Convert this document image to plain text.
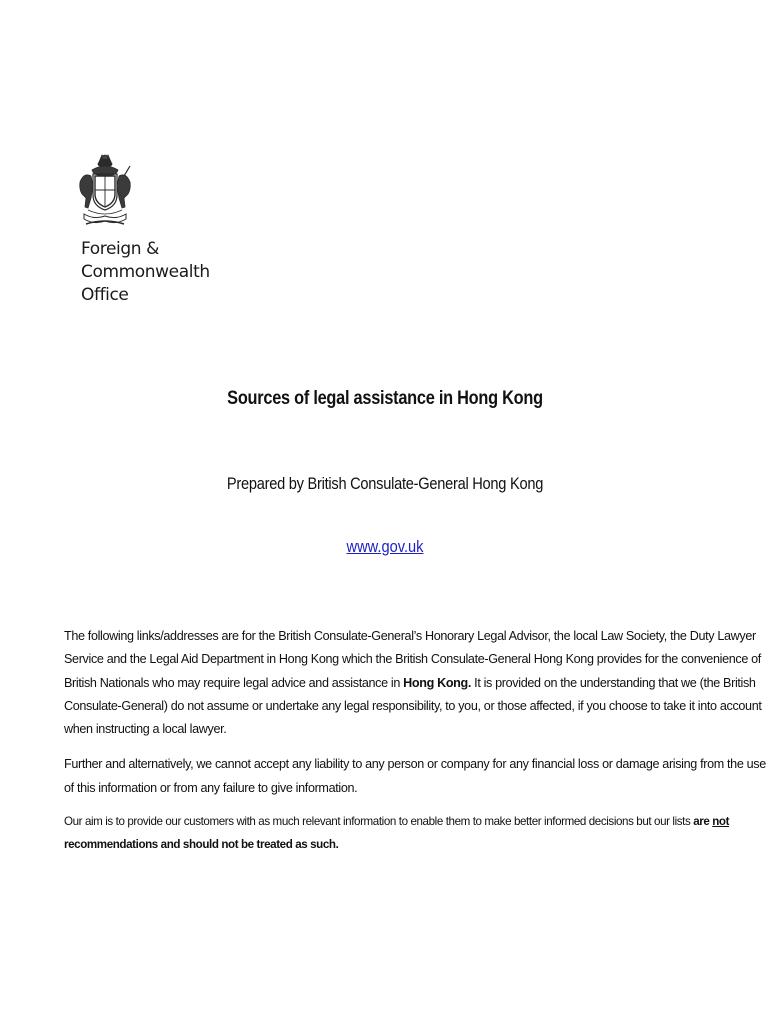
Foreign &
Commonwealth
Office
Sources of legal assistance in Hong Kong
Prepared by British Consulate-General Hong Kong
www.gov.uk

The following links/addresses are for the British Consulate-General’s Honorary Legal Advisor, the local Law Society, the Duty Lawyer Service and the Legal Aid Department in Hong Kong which the British Consulate-General Hong Kong provides for the convenience of British Nationals who may require legal advice and assistance in Hong Kong. It is provided on the understanding that we (the British Consulate-General) do not assume or undertake any legal responsibility, to you, or those affected, if you choose to take it into account when instructing a local lawyer.

Further and alternatively, we cannot accept any liability to any person or company for any financial loss or damage arising from the use of this information or from any failure to give information.

Our aim is to provide our customers with as much relevant information to enable them to make better informed decisions but our lists are not recommendations and should not be treated as such.
